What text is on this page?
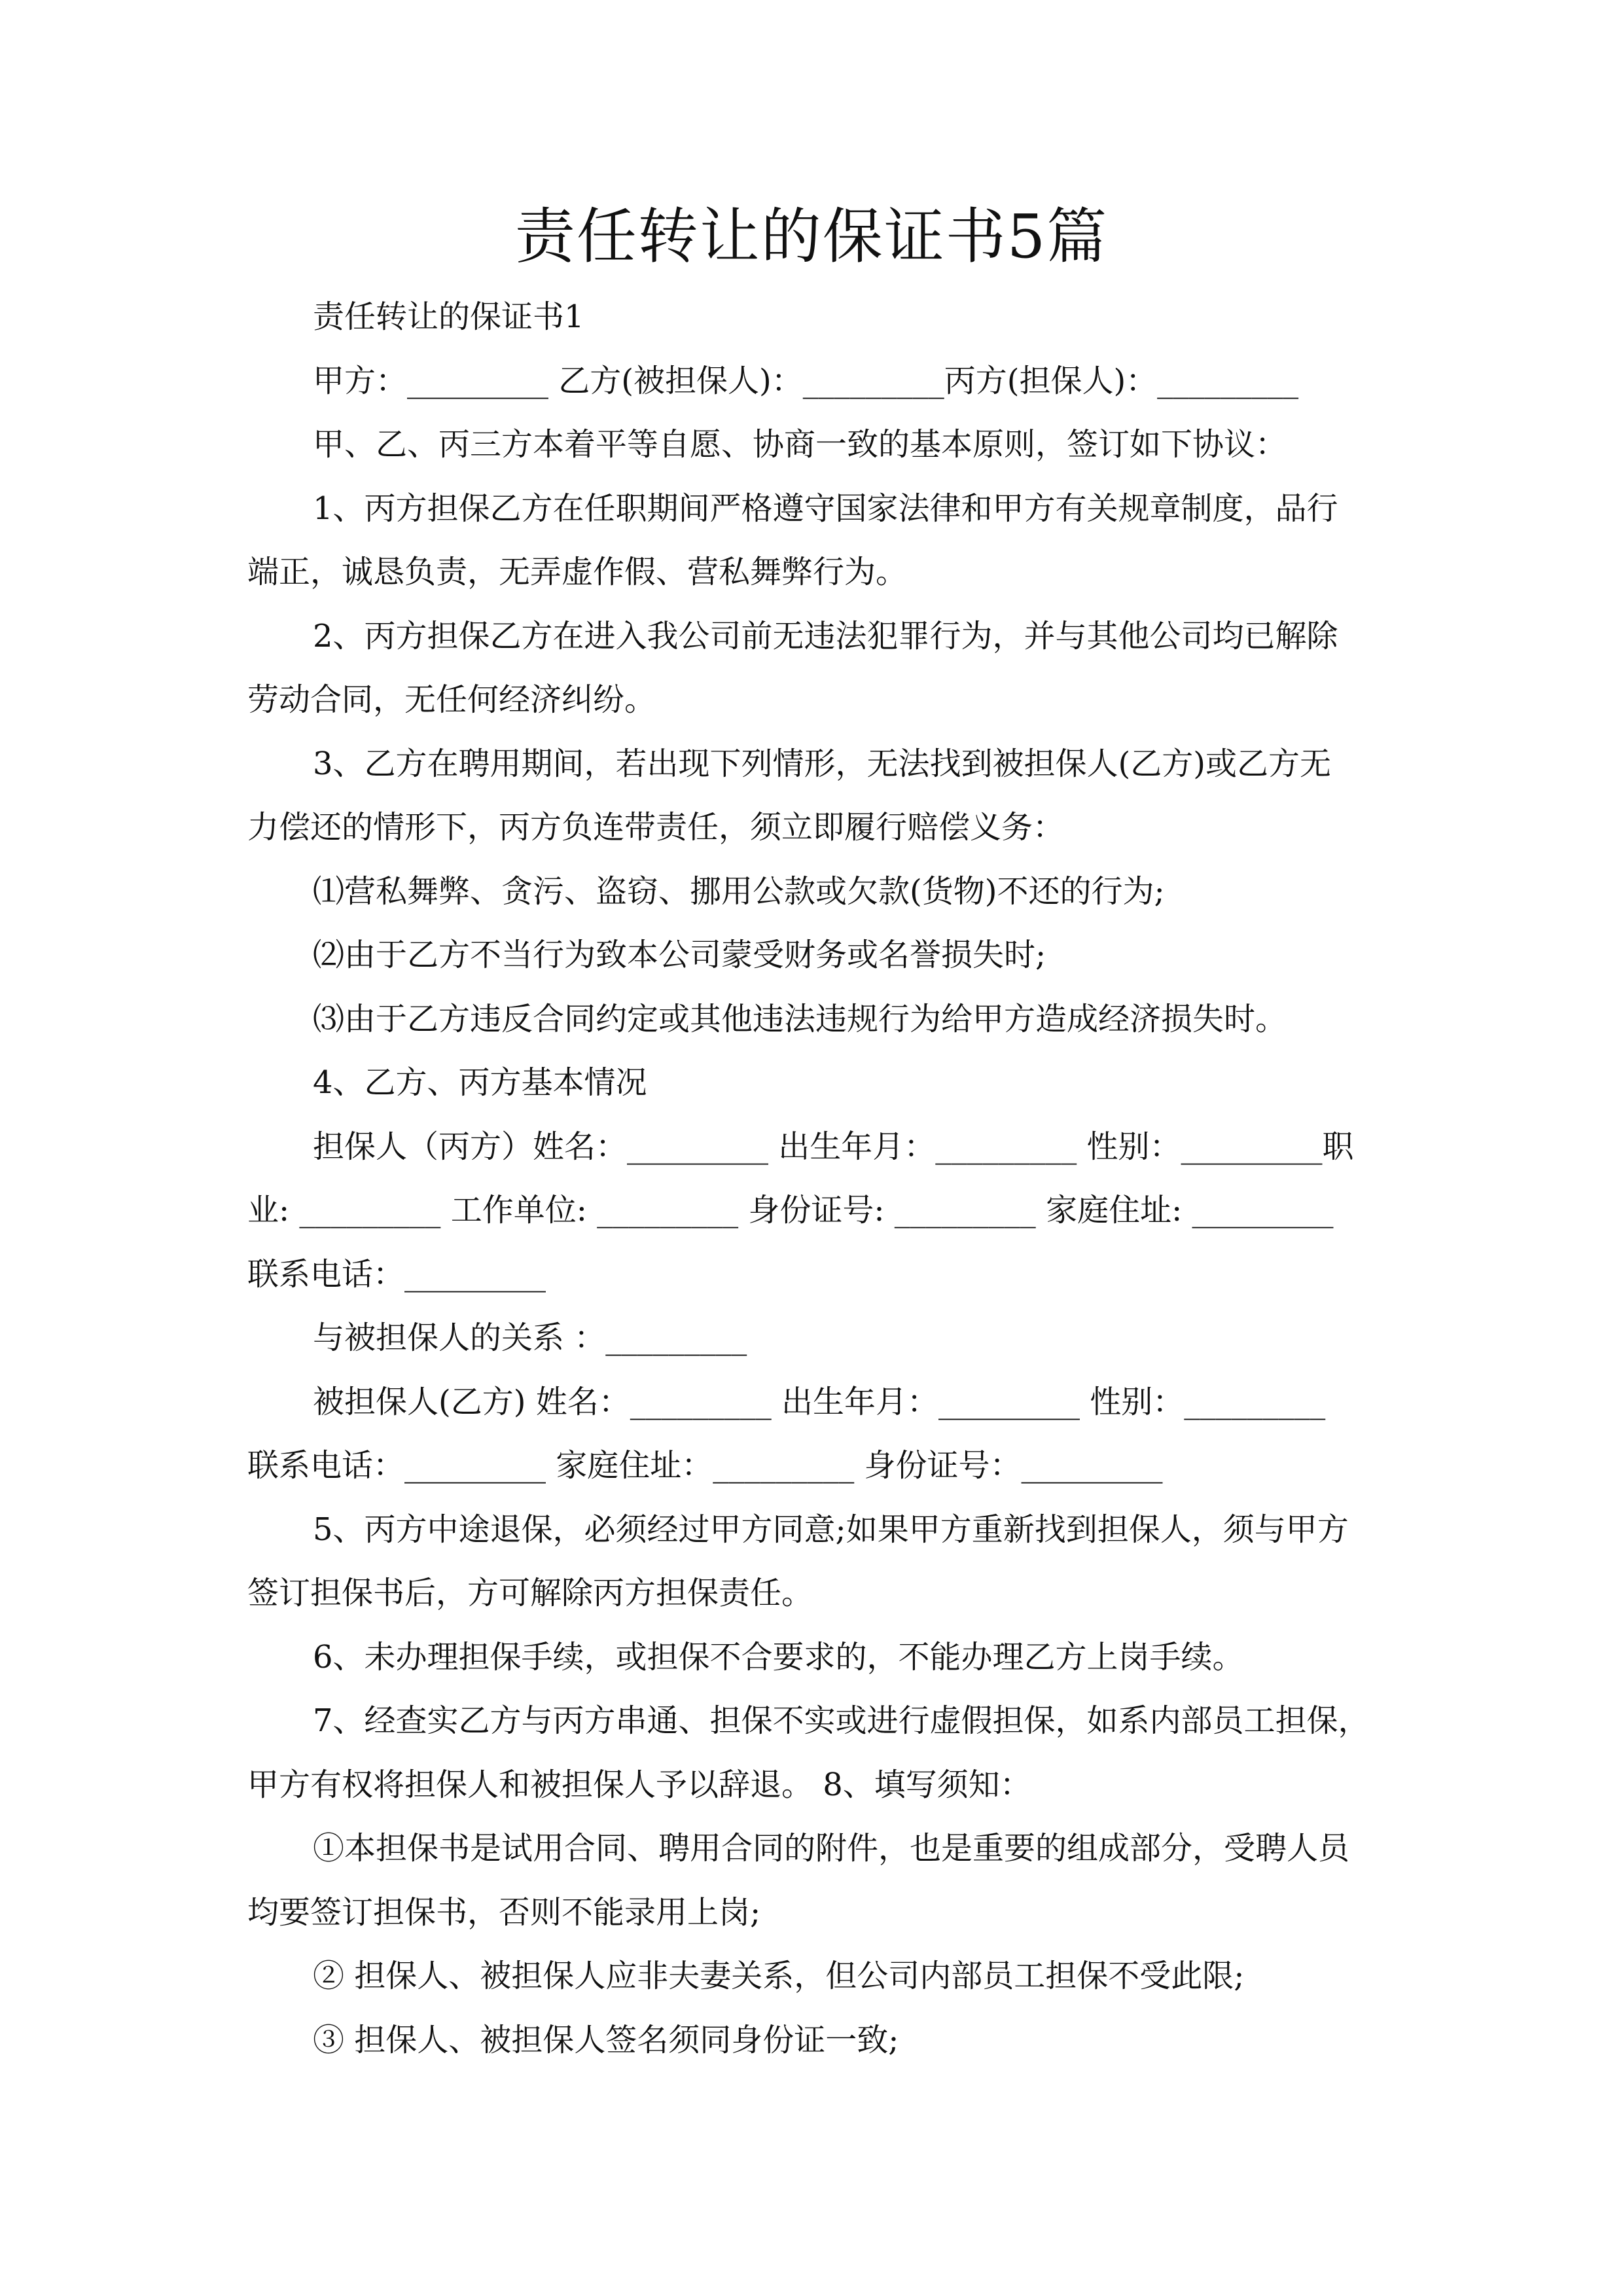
责任转让的保证书5篇

责任转让的保证书1

甲方：_________ 乙方(被担保人)：_________丙方(担保人)：_________

甲、乙、丙三方本着平等自愿、协商一致的基本原则，签订如下协议：

1、丙方担保乙方在任职期间严格遵守国家法律和甲方有关规章制度，品行

端正，诚恳负责，无弄虚作假、营私舞弊行为。

2、丙方担保乙方在进入我公司前无违法犯罪行为，并与其他公司均已解除

劳动合同，无任何经济纠纷。

3、乙方在聘用期间，若出现下列情形，无法找到被担保人(乙方)或乙方无

力偿还的情形下，丙方负连带责任，须立即履行赔偿义务：

⑴营私舞弊、贪污、盗窃、挪用公款或欠款(货物)不还的行为;

⑵由于乙方不当行为致本公司蒙受财务或名誉损失时;

⑶由于乙方违反合同约定或其他违法违规行为给甲方造成经济损失时。

4、乙方、丙方基本情况

担保人（丙方）姓名：_________ 出生年月：_________ 性别：_________职

业: _________ 工作单位: _________ 身份证号: _________ 家庭住址: _________

联系电话：_________

与被担保人的关系 ：_________

被担保人(乙方) 姓名：_________ 出生年月：_________ 性别：_________

联系电话：_________ 家庭住址：_________ 身份证号：_________

5、丙方中途退保，必须经过甲方同意;如果甲方重新找到担保人，须与甲方

签订担保书后，方可解除丙方担保责任。

6、未办理担保手续，或担保不合要求的，不能办理乙方上岗手续。

7、经查实乙方与丙方串通、担保不实或进行虚假担保，如系内部员工担保，

甲方有权将担保人和被担保人予以辞退。 8、填写须知：

①本担保书是试用合同、聘用合同的附件，也是重要的组成部分，受聘人员

均要签订担保书，否则不能录用上岗;

② 担保人、被担保人应非夫妻关系，但公司内部员工担保不受此限;

③ 担保人、被担保人签名须同身份证一致;
